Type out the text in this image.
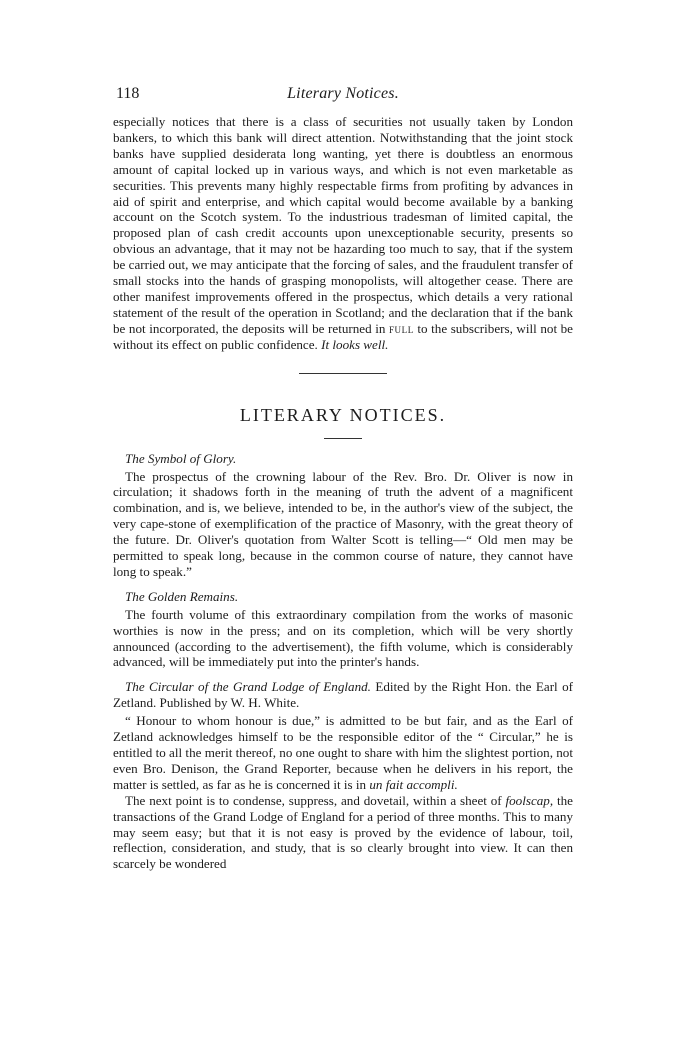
118	Literary Notices.

especially notices that there is a class of securities not usually taken by London bankers, to which this bank will direct attention. Notwithstanding that the joint stock banks have supplied desiderata long wanting, yet there is doubtless an enormous amount of capital locked up in various ways, and which is not even marketable as securities. This prevents many highly respectable firms from profiting by advances in aid of spirit and enterprise, and which capital would become available by a banking account on the Scotch system. To the industrious tradesman of limited capital, the proposed plan of cash credit accounts upon unexceptionable security, presents so obvious an advantage, that it may not be hazarding too much to say, that if the system be carried out, we may anticipate that the forcing of sales, and the fraudulent transfer of small stocks into the hands of grasping monopolists, will altogether cease. There are other manifest improvements offered in the prospectus, which details a very rational statement of the result of the operation in Scotland; and the declaration that if the bank be not incorporated, the deposits will be returned in full to the subscribers, will not be without its effect on public confidence. It looks well.

LITERARY NOTICES.
The Symbol of Glory.

The prospectus of the crowning labour of the Rev. Bro. Dr. Oliver is now in circulation; it shadows forth in the meaning of truth the advent of a magnificent combination, and is, we believe, intended to be, in the author's view of the subject, the very cape-stone of exemplification of the practice of Masonry, with the great theory of the future. Dr. Oliver's quotation from Walter Scott is telling—“ Old men may be permitted to speak long, because in the common course of nature, they cannot have long to speak.”

The Golden Remains.

The fourth volume of this extraordinary compilation from the works of masonic worthies is now in the press; and on its completion, which will be very shortly announced (according to the advertisement), the fifth volume, which is considerably advanced, will be immediately put into the printer's hands.

The Circular of the Grand Lodge of England. Edited by the Right Hon. the Earl of Zetland. Published by W. H. White.

“ Honour to whom honour is due,” is admitted to be but fair, and as the Earl of Zetland acknowledges himself to be the responsible editor of the “ Circular,” he is entitled to all the merit thereof, no one ought to share with him the slightest portion, not even Bro. Denison, the Grand Reporter, because when he delivers in his report, the matter is settled, as far as he is concerned it is in un fait accompli.

The next point is to condense, suppress, and dovetail, within a sheet of foolscap, the transactions of the Grand Lodge of England for a period of three months. This to many may seem easy; but that it is not easy is proved by the evidence of labour, toil, reflection, consideration, and study, that is so clearly brought into view. It can then scarcely be wondered
